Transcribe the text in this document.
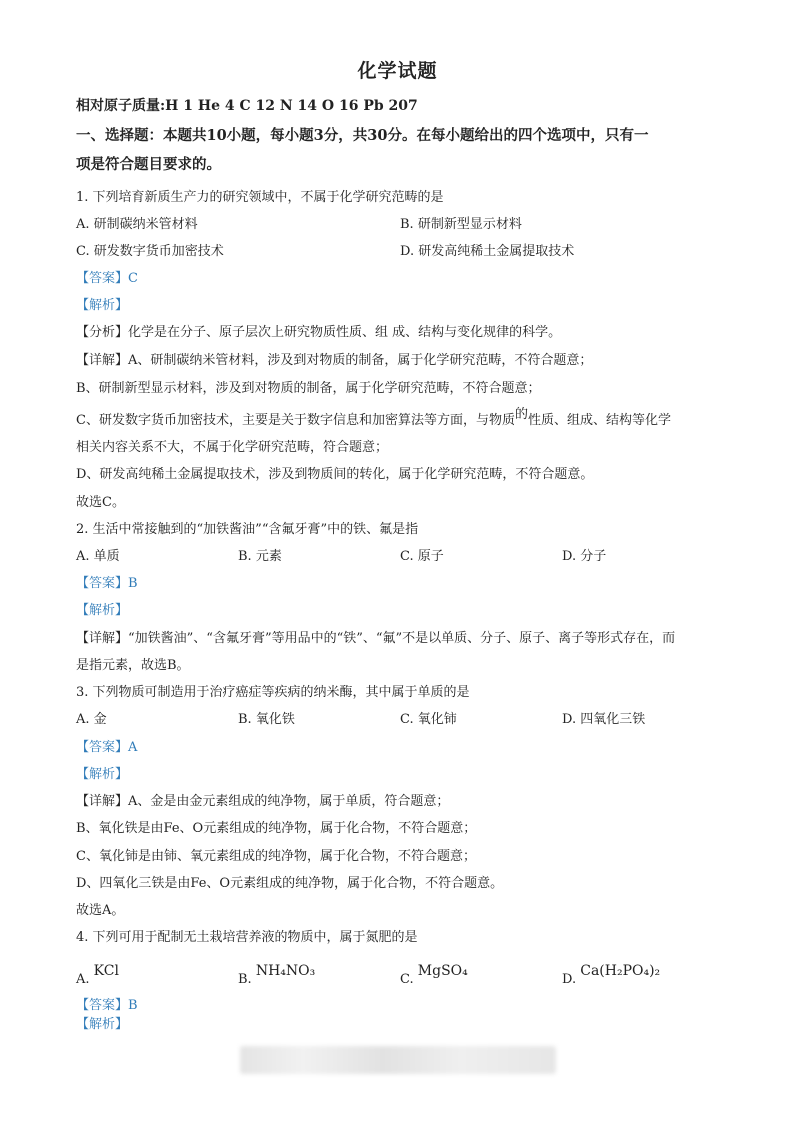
化学试题
相对原子质量:H 1 He 4 C 12 N 14 O 16 Pb 207
一、选择题：本题共10小题，每小题3分，共30分。在每小题给出的四个选项中，只有一
项是符合题目要求的。
1. 下列培育新质生产力的研究领域中，不属于化学研究范畴的是
A. 研制碳纳米管材料	B. 研制新型显示材料
C. 研发数字货币加密技术	D. 研发高纯稀土金属提取技术
【答案】C
【解析】
【分析】化学是在分子、原子层次上研究物质性质、组 成、结构与变化规律的科学。
【详解】A、研制碳纳米管材料，涉及到对物质的制备，属于化学研究范畴，不符合题意；
B、研制新型显示材料，涉及到对物质的制备，属于化学研究范畴，不符合题意；
C、研发数字货币加密技术，主要是关于数字信息和加密算法等方面，与物质的性质、组成、结构等化学
相关内容关系不大，不属于化学研究范畴，符合题意；
D、研发高纯稀土金属提取技术，涉及到物质间的转化，属于化学研究范畴，不符合题意。
故选C。
2. 生活中常接触到的“加铁酱油”“含氟牙膏”中的铁、氟是指
A. 单质	B. 元素	C. 原子	D. 分子
【答案】B
【解析】
【详解】“加铁酱油”、“含氟牙膏”等用品中的“铁”、“氟”不是以单质、分子、原子、离子等形式存在，而
是指元素，故选B。
3. 下列物质可制造用于治疗癌症等疾病的纳米酶，其中属于单质的是
A. 金	B. 氧化铁	C. 氧化铈	D. 四氧化三铁
【答案】A
【解析】
【详解】A、金是由金元素组成的纯净物，属于单质，符合题意；
B、氧化铁是由Fe、O元素组成的纯净物，属于化合物，不符合题意；
C、氧化铈是由铈、氧元素组成的纯净物，属于化合物，不符合题意；
D、四氧化三铁是由Fe、O元素组成的纯净物，属于化合物，不符合题意。
故选A。
4. 下列可用于配制无土栽培营养液的物质中，属于氮肥的是
A. KCl
B. NH₄NO₃
C. MgSO₄
D. Ca(H₂PO₄)₂
【答案】B
【解析】
